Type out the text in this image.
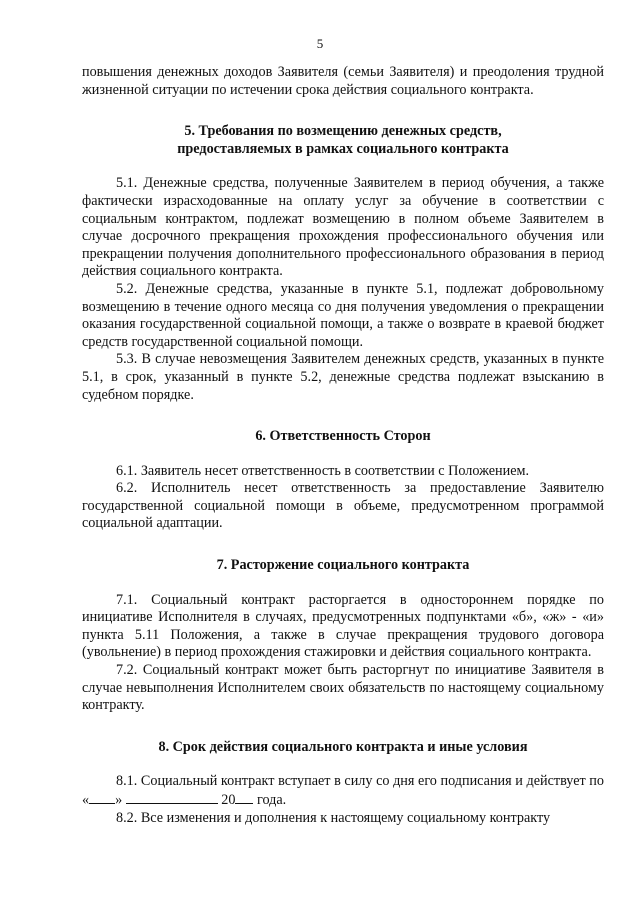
5

повышения денежных доходов Заявителя (семьи Заявителя) и преодоления трудной жизненной ситуации по истечении срока действия социального контракта.

5. Требования по возмещению денежных средств,
предоставляемых в рамках социального контракта

5.1. Денежные средства, полученные Заявителем в период обучения, а также фактически израсходованные на оплату услуг за обучение в соответствии с социальным контрактом, подлежат возмещению в полном объеме Заявителем в случае досрочного прекращения прохождения профессионального обучения или прекращении получения дополнительного профессионального образования в период действия социального контракта.

5.2. Денежные средства, указанные в пункте 5.1, подлежат добровольному возмещению в течение одного месяца со дня получения уведомления о прекращении оказания государственной социальной помощи, а также о возврате в краевой бюджет средств государственной социальной помощи.

5.3. В случае невозмещения Заявителем денежных средств, указанных в пункте 5.1, в срок, указанный в пункте 5.2, денежные средства подлежат взысканию в судебном порядке.

6. Ответственность Сторон

6.1. Заявитель несет ответственность в соответствии с Положением.

6.2. Исполнитель несет ответственность за предоставление Заявителю государственной социальной помощи в объеме, предусмотренном программой социальной адаптации.

7. Расторжение социального контракта

7.1. Социальный контракт расторгается в одностороннем порядке по инициативе Исполнителя в случаях, предусмотренных подпунктами «б», «ж» - «и» пункта 5.11 Положения, а также в случае прекращения трудового договора (увольнение) в период прохождения стажировки и действия социального контракта.

7.2. Социальный контракт может быть расторгнут по инициативе Заявителя в случае невыполнения Исполнителем своих обязательств по настоящему социальному контракту.

8. Срок действия социального контракта и иные условия

8.1. Социальный контракт вступает в силу со дня его подписания и действует по « »	20 года.

8.2. Все изменения и дополнения к настоящему социальному контракту
